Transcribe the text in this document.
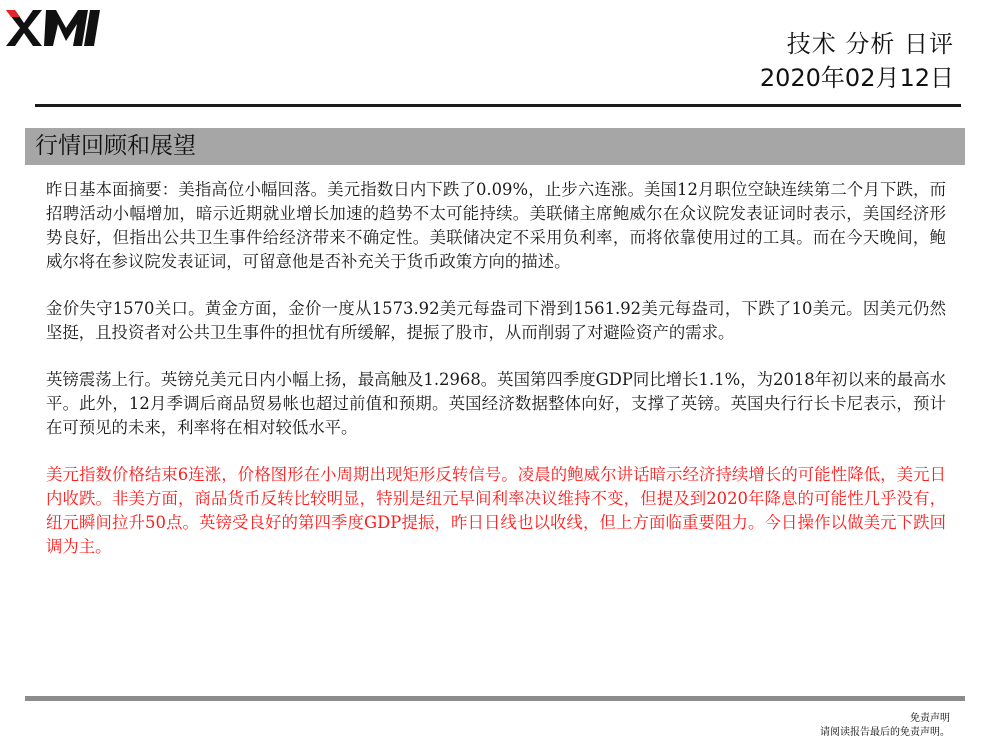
技术 分析 日评
2020年02月12日
行情回顾和展望

昨日基本面摘要：美指高位小幅回落。美元指数日内下跌了0.09%，止步六连涨。美国12月职位空缺连续第二个月下跌，而招聘活动小幅增加，暗示近期就业增长加速的趋势不太可能持续。美联储主席鲍威尔在众议院发表证词时表示，美国经济形势良好，但指出公共卫生事件给经济带来不确定性。美联储决定不采用负利率，而将依靠使用过的工具。而在今天晚间，鲍威尔将在参议院发表证词，可留意他是否补充关于货币政策方向的描述。

金价失守1570关口。黄金方面，金价一度从1573.92美元每盎司下滑到1561.92美元每盎司，下跌了10美元。因美元仍然坚挺，且投资者对公共卫生事件的担忧有所缓解，提振了股市，从而削弱了对避险资产的需求。

英镑震荡上行。英镑兑美元日内小幅上扬，最高触及1.2968。英国第四季度GDP同比增长1.1%，为2018年初以来的最高水平。此外，12月季调后商品贸易帐也超过前值和预期。英国经济数据整体向好，支撑了英镑。英国央行行长卡尼表示，预计在可预见的未来，利率将在相对较低水平。

美元指数价格结束6连涨，价格图形在小周期出现矩形反转信号。凌晨的鲍威尔讲话暗示经济持续增长的可能性降低，美元日内收跌。非美方面，商品货币反转比较明显，特别是纽元早间利率决议维持不变，但提及到2020年降息的可能性几乎没有，纽元瞬间拉升50点。英镑受良好的第四季度GDP提振，昨日日线也以收线，但上方面临重要阻力。今日操作以做美元下跌回调为主。

免责声明
请阅读报告最后的免责声明。
